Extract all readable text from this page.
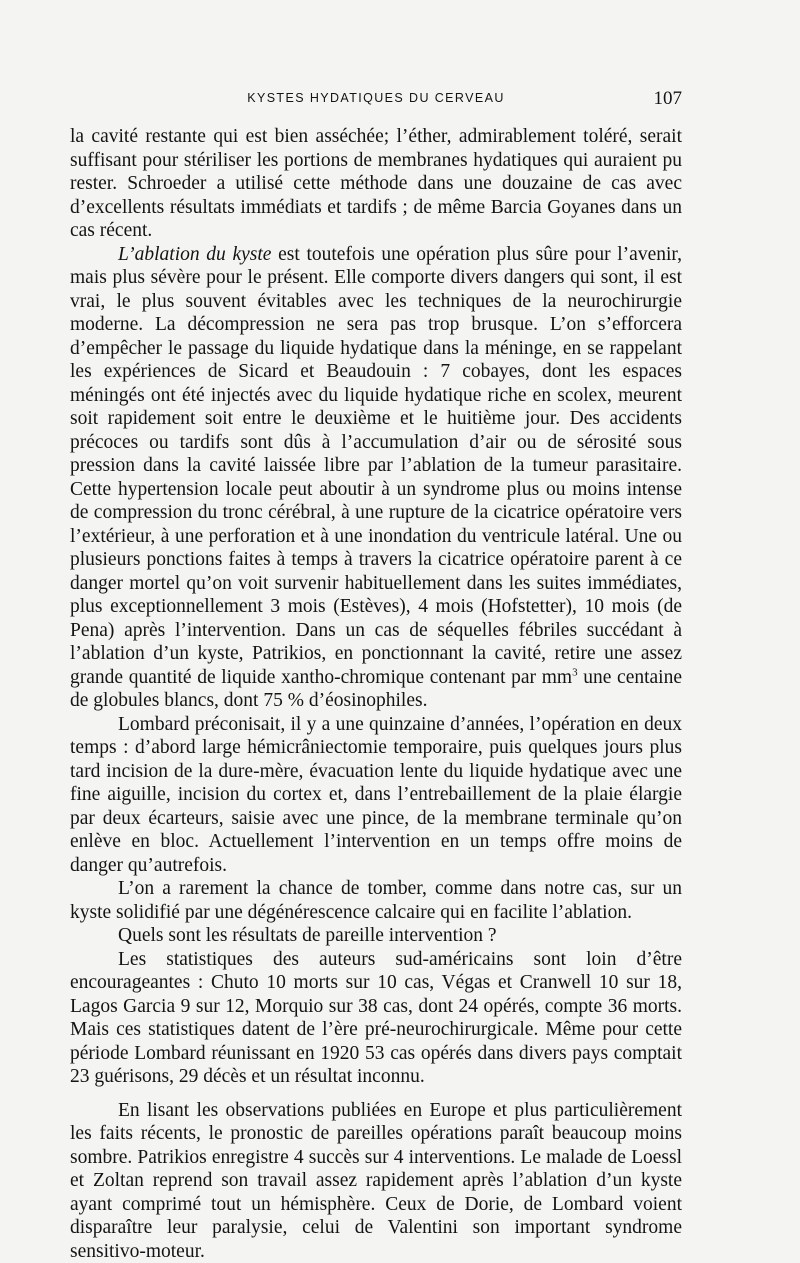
KYSTES HYDATIQUES DU CERVEAU	107

la cavité restante qui est bien asséchée; l’éther, admirablement toléré, serait suffisant pour stériliser les portions de membranes hydatiques qui auraient pu rester. Schroeder a utilisé cette méthode dans une douzaine de cas avec d’excellents résultats immédiats et tardifs ; de même Barcia Goyanes dans un cas récent.

L’ablation du kyste est toutefois une opération plus sûre pour l’avenir, mais plus sévère pour le présent. Elle comporte divers dangers qui sont, il est vrai, le plus souvent évitables avec les techniques de la neurochirurgie moderne. La décompression ne sera pas trop brusque. L’on s’efforcera d’empêcher le passage du liquide hydatique dans la méninge, en se rappelant les expériences de Sicard et Beaudouin : 7 cobayes, dont les espaces méningés ont été injectés avec du liquide hydatique riche en scolex, meurent soit rapidement soit entre le deuxième et le huitième jour. Des accidents précoces ou tardifs sont dûs à l’accumulation d’air ou de sérosité sous pression dans la cavité laissée libre par l’ablation de la tumeur parasitaire. Cette hypertension locale peut aboutir à un syndrome plus ou moins intense de compression du tronc cérébral, à une rupture de la cicatrice opératoire vers l’extérieur, à une perforation et à une inondation du ventricule latéral. Une ou plusieurs ponctions faites à temps à travers la cicatrice opératoire parent à ce danger mortel qu’on voit survenir habituellement dans les suites immédiates, plus exceptionnellement 3 mois (Estèves), 4 mois (Hofstetter), 10 mois (de Pena) après l’intervention. Dans un cas de séquelles fébriles succédant à l’ablation d’un kyste, Patrikios, en ponctionnant la cavité, retire une assez grande quantité de liquide xantho-chromique contenant par $mm^3$ une centaine de globules blancs, dont 75 % d’éosinophiles.

Lombard préconisait, il y a une quinzaine d’années, l’opération en deux temps : d’abord large hémicrâniectomie temporaire, puis quelques jours plus tard incision de la dure-mère, évacuation lente du liquide hydatique avec une fine aiguille, incision du cortex et, dans l’entrebaillement de la plaie élargie par deux écarteurs, saisie avec une pince, de la membrane terminale qu’on enlève en bloc. Actuellement l’intervention en un temps offre moins de danger qu’autrefois.

L’on a rarement la chance de tomber, comme dans notre cas, sur un kyste solidifié par une dégénérescence calcaire qui en facilite l’ablation.

Quels sont les résultats de pareille intervention ?

Les statistiques des auteurs sud-américains sont loin d’être encourageantes : Chuto 10 morts sur 10 cas, Végas et Cranwell 10 sur 18, Lagos Garcia 9 sur 12, Morquio sur 38 cas, dont 24 opérés, compte 36 morts. Mais ces statistiques datent de l’ère pré-neurochirurgicale. Même pour cette période Lombard réunissant en 1920 53 cas opérés dans divers pays comptait 23 guérisons, 29 décès et un résultat inconnu.

En lisant les observations publiées en Europe et plus particulièrement les faits récents, le pronostic de pareilles opérations paraît beaucoup moins sombre. Patrikios enregistre 4 succès sur 4 interventions. Le malade de Loessl et Zoltan reprend son travail assez rapidement après l’ablation d’un kyste ayant comprimé tout un hémisphère. Ceux de Dorie, de Lombard voient disparaître leur paralysie, celui de Valentini son important syndrome sensitivo-moteur.
